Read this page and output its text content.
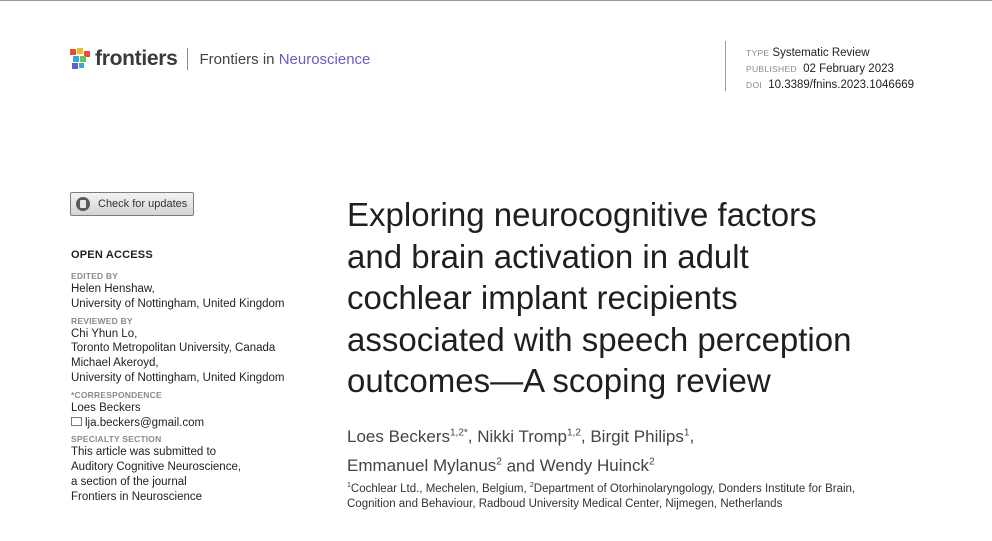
frontiers Frontiers in Neuroscience	TYPE Systematic Review
PUBLISHED 02 February 2023
DOI 10.3389/fnins.2023.1046669
Check for updates
OPEN ACCESS
EDITED BY
Helen Henshaw,
University of Nottingham, United Kingdom
REVIEWED BY
Chi Yhun Lo,
Toronto Metropolitan University, Canada
Michael Akeroyd,
University of Nottingham, United Kingdom
*CORRESPONDENCE
Loes Beckers
lja.beckers@gmail.com
SPECIALTY SECTION
This article was submitted to
Auditory Cognitive Neuroscience,
a section of the journal
Frontiers in Neuroscience
Exploring neurocognitive factors
and brain activation in adult
cochlear implant recipients
associated with speech perception
outcomes—A scoping review
Loes Beckers$^{1,2*}$, Nikki Tromp$^{1,2}$, Birgit Philips$^1$,
Emmanuel Mylanus$^2$ and Wendy Huinck$^2$
$^1$Cochlear Ltd., Mechelen, Belgium, $^2$Department of Otorhinolaryngology, Donders Institute for Brain,
Cognition and Behaviour, Radboud University Medical Center, Nijmegen, Netherlands
